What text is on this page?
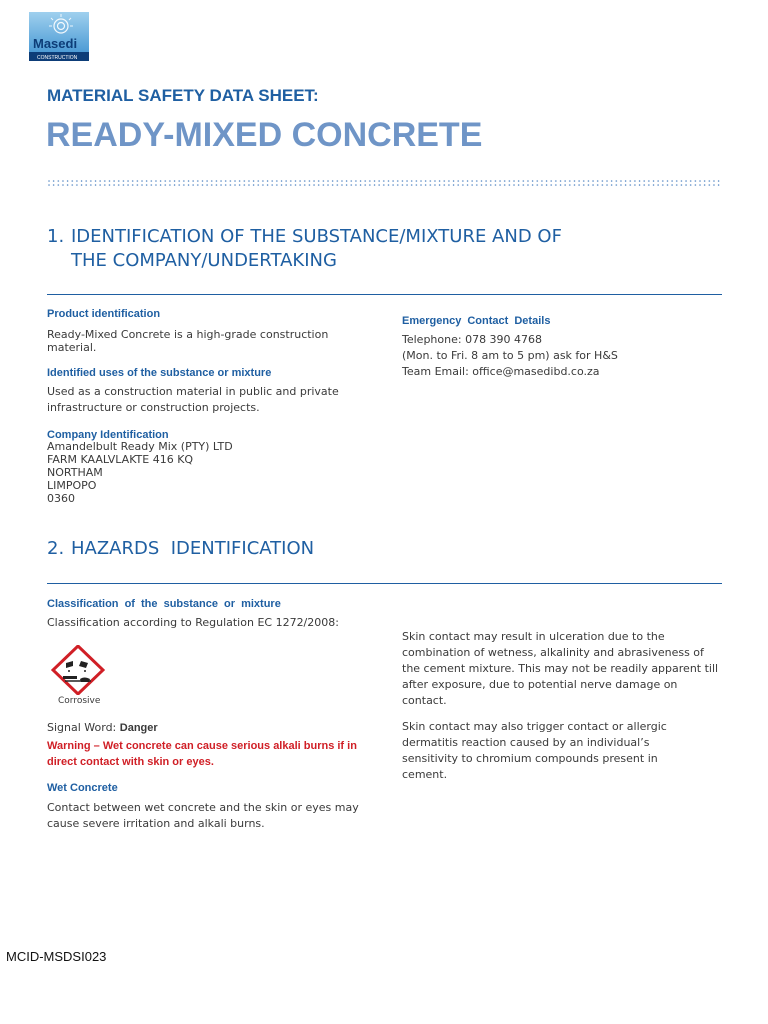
Masedi
CONSTRUCTION
MATERIAL SAFETY DATA SHEET:
READY-MIXED CONCRETE
1. IDENTIFICATION OF THE SUBSTANCE/MIXTURE AND OF
THE COMPANY/UNDERTAKING
Product identification
Ready-Mixed Concrete is a high-grade construction material.
Identified uses of the substance or mixture
Used as a construction material in public and private infrastructure or construction projects.
Company Identification
Amandelbult Ready Mix (PTY) LTD
FARM KAALVLAKTE 416 KQ
NORTHAM
LIMPOPO
0360
Emergency Contact Details
Telephone: 078 390 4768
(Mon. to Fri. 8 am to 5 pm) ask for H&S
Team Email: office@masedibd.co.za
2. HAZARDS  IDENTIFICATION
Classification of the substance or mixture
Classification according to Regulation EC 1272/2008:
Corrosive
Signal Word: Danger
Warning – Wet concrete can cause serious alkali burns if in direct contact with skin or eyes.
Wet Concrete
Contact between wet concrete and the skin or eyes may cause severe irritation and alkali burns.
Skin contact may result in ulceration due to the combination of wetness, alkalinity and abrasiveness of the cement mixture. This may not be readily apparent till after exposure, due to potential nerve damage on contact.
Skin contact may also trigger contact or allergic dermatitis reaction caused by an individual’s sensitivity to chromium compounds present in cement.
MCID-MSDSI023
